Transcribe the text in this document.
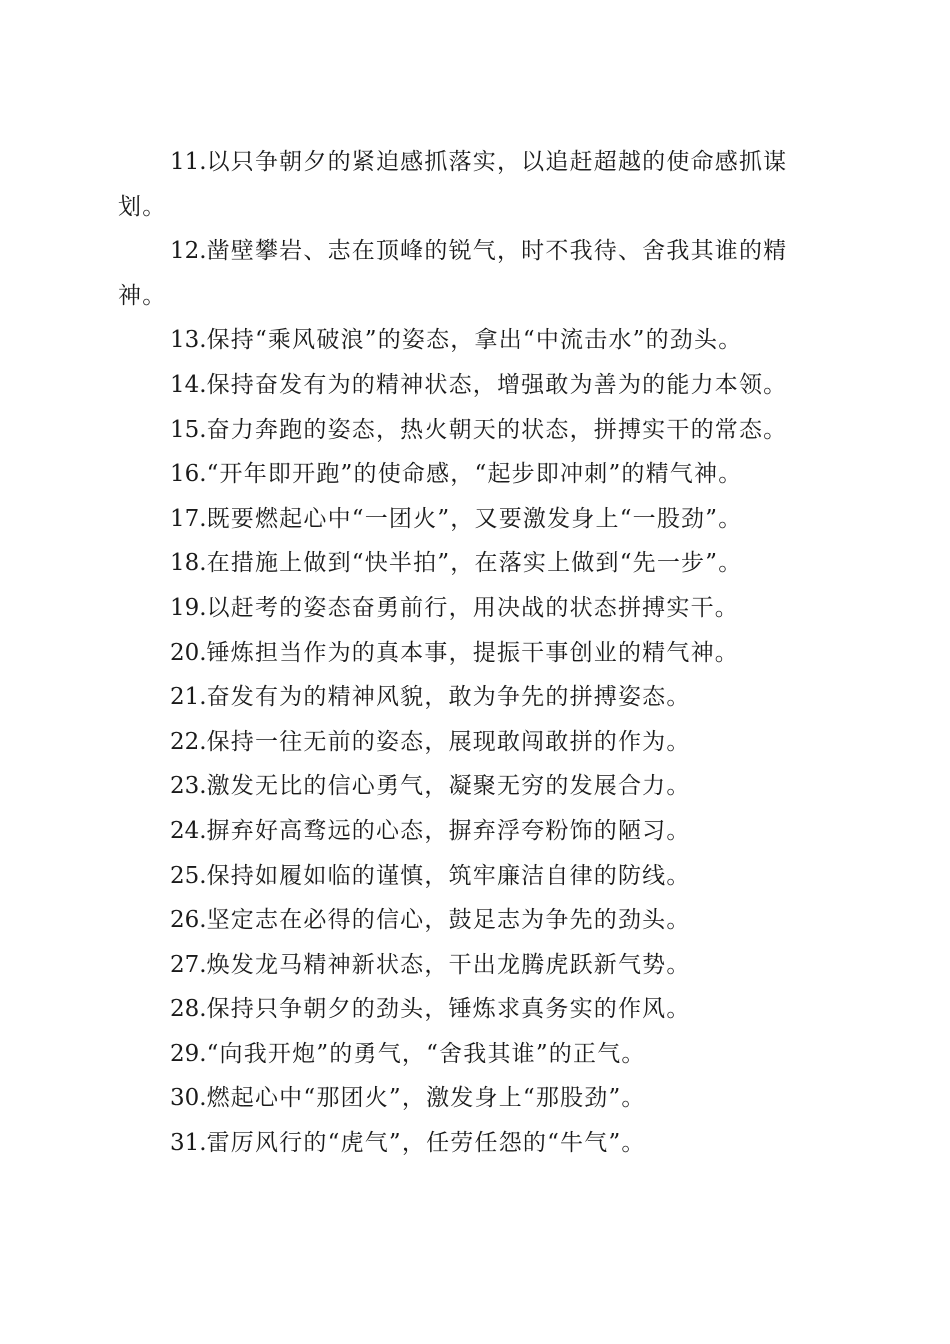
11.以只争朝夕的紧迫感抓落实，以追赶超越的使命感抓谋划。

12.凿壁攀岩、志在顶峰的锐气，时不我待、舍我其谁的精神。

13.保持“乘风破浪”的姿态，拿出“中流击水”的劲头。

14.保持奋发有为的精神状态，增强敢为善为的能力本领。

15.奋力奔跑的姿态，热火朝天的状态，拼搏实干的常态。

16.“开年即开跑”的使命感，“起步即冲刺”的精气神。

17.既要燃起心中“一团火”，又要激发身上“一股劲”。

18.在措施上做到“快半拍”，在落实上做到“先一步”。

19.以赶考的姿态奋勇前行，用决战的状态拼搏实干。

20.锤炼担当作为的真本事，提振干事创业的精气神。

21.奋发有为的精神风貌，敢为争先的拼搏姿态。

22.保持一往无前的姿态，展现敢闯敢拼的作为。

23.激发无比的信心勇气，凝聚无穷的发展合力。

24.摒弃好高骛远的心态，摒弃浮夸粉饰的陋习。

25.保持如履如临的谨慎，筑牢廉洁自律的防线。

26.坚定志在必得的信心，鼓足志为争先的劲头。

27.焕发龙马精神新状态，干出龙腾虎跃新气势。

28.保持只争朝夕的劲头，锤炼求真务实的作风。

29.“向我开炮”的勇气，“舍我其谁”的正气。

30.燃起心中“那团火”，激发身上“那股劲”。

31.雷厉风行的“虎气”，任劳任怨的“牛气”。
